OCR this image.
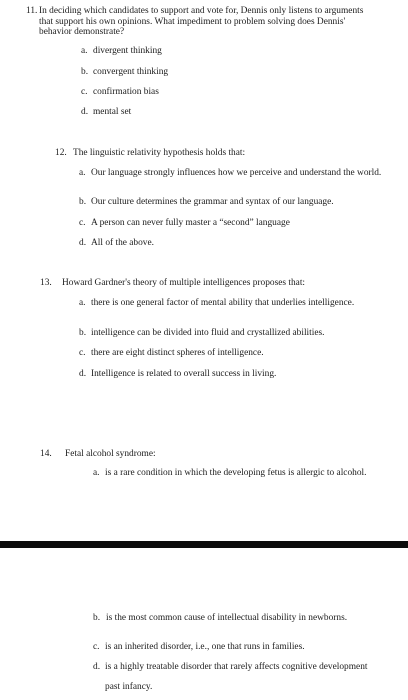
11. In deciding which candidates to support and vote for, Dennis only listens to arguments that support his own opinions. What impediment to problem solving does Dennis' behavior demonstrate?
a. divergent thinking
b. convergent thinking
c. confirmation bias
d. mental set
12. The linguistic relativity hypothesis holds that:
a. Our language strongly influences how we perceive and understand the world.
b. Our culture determines the grammar and syntax of our language.
c. A person can never fully master a “second” language
d. All of the above.
13.	Howard Gardner's theory of multiple intelligences proposes that:
a. there is one general factor of mental ability that underlies intelligence.
b. intelligence can be divided into fluid and crystallized abilities.
c. there are eight distinct spheres of intelligence.
d. Intelligence is related to overall success in living.
14.	Fetal alcohol syndrome:
a. is a rare condition in which the developing fetus is allergic to alcohol.
b. is the most common cause of intellectual disability in newborns.
c. is an inherited disorder, i.e., one that runs in families.
d. is a highly treatable disorder that rarely affects cognitive development past infancy.
